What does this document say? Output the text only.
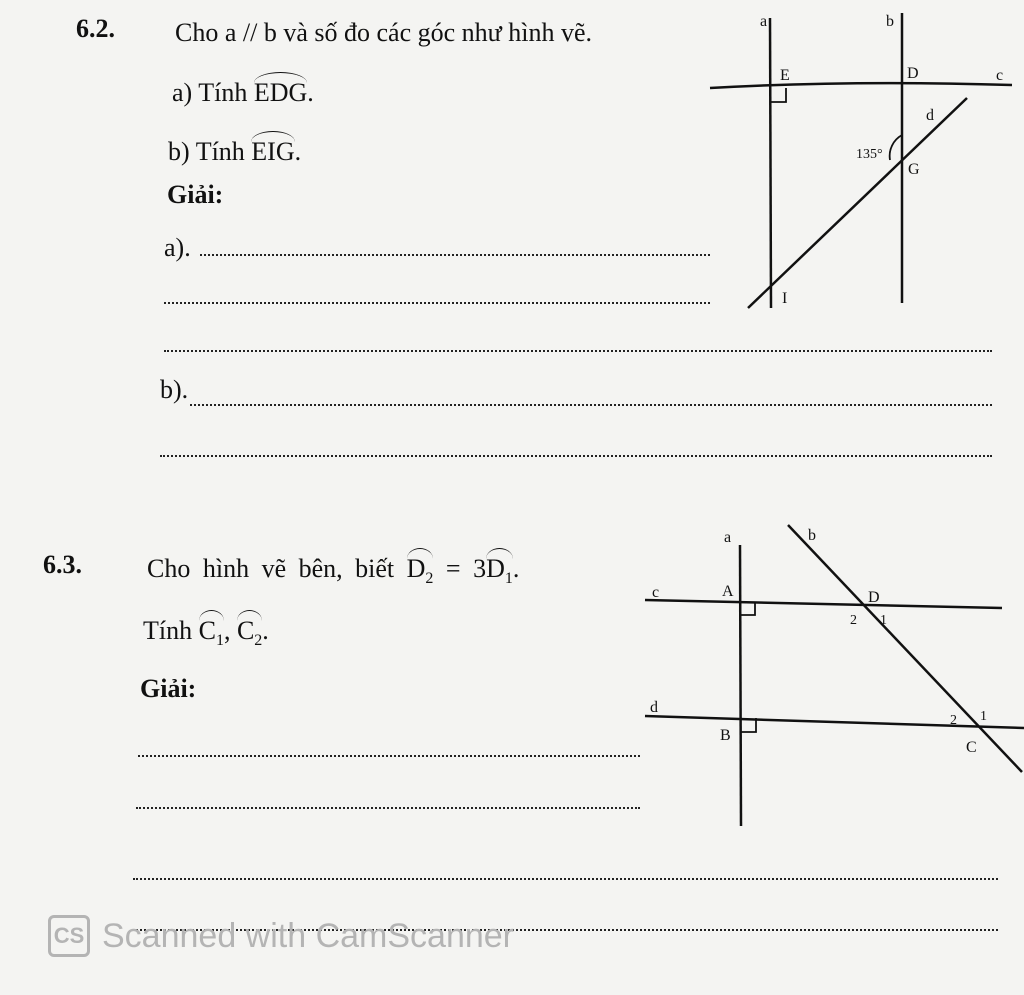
6.2. Cho a // b và số đo các góc như hình vẽ.
a) Tính EDG.
b) Tính EIG.
Giải:
a).
b).
a	b
c
d
E	D
G
I
135°
6.3.	Cho hình vẽ bên, biết $D_2 = 3D_1$.
Tính $C_1$, $C_2$.
Giải:
a	b
c
d
A
B
C
D
2 1
2 1
CS Scanned with CamScanner
